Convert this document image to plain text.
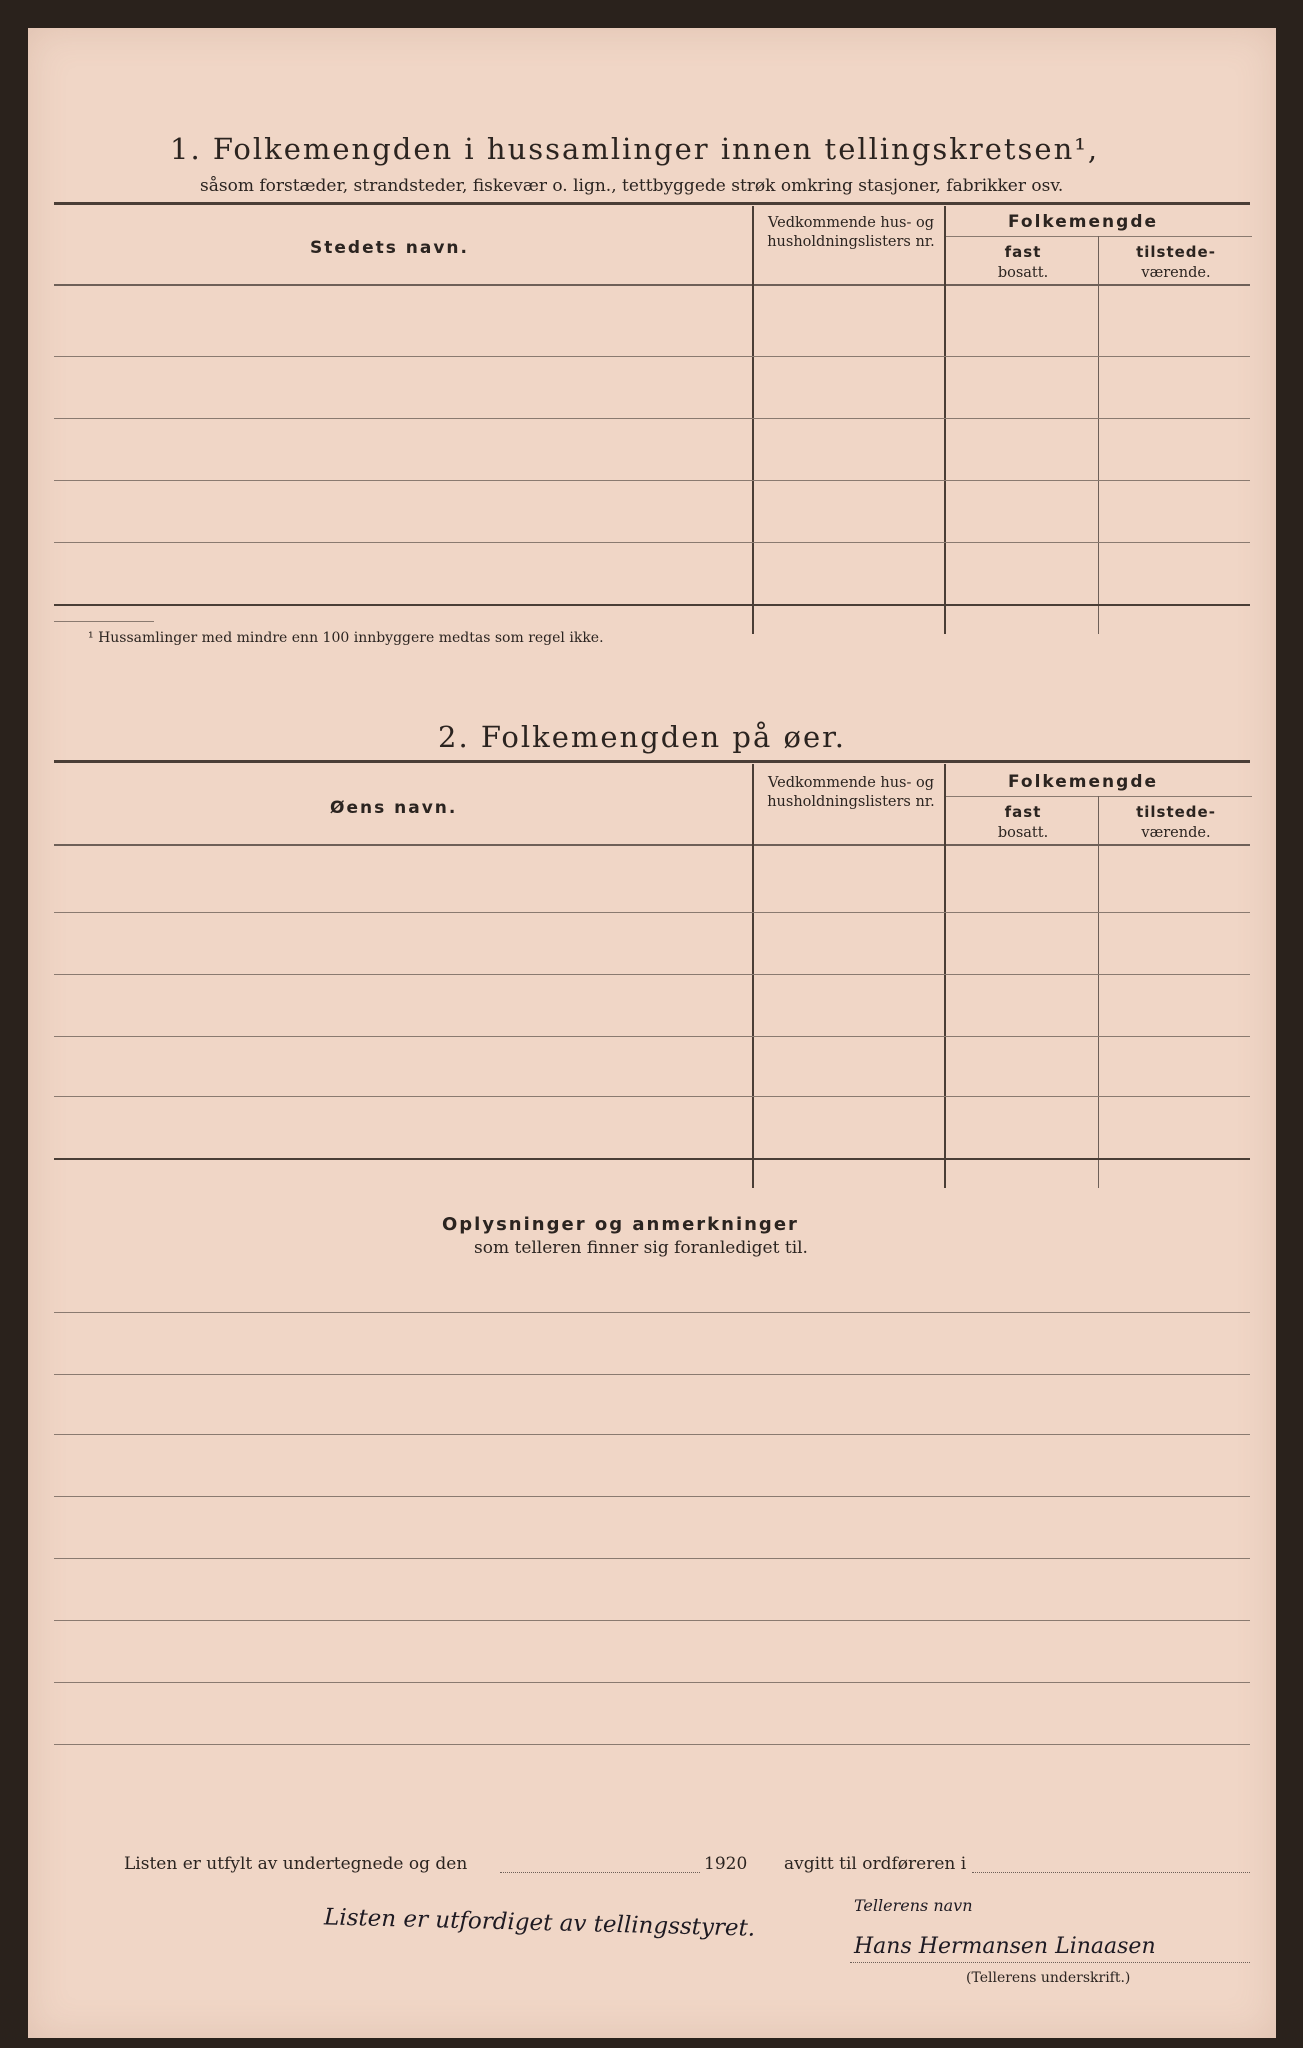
1. Folkemengden i hussamlinger innen tellingskretsen¹,
såsom forstæder, strandsteder, fiskevær o. lign., tettbyggede strøk omkring stasjoner, fabrikker osv.
Stedets navn.
Vedkommende hus- og husholdningslisters nr.
Folkemengde
fast
bosatt.
tilstede-
værende.
¹ Hussamlinger med mindre enn 100 innbyggere medtas som regel ikke.
2. Folkemengden på øer.
Øens navn.
Vedkommende hus- og husholdningslisters nr.
Folkemengde
fast
bosatt.
tilstede-
værende.
Oplysninger og anmerkninger
som telleren finner sig foranlediget til.
Listen er utfylt av undertegnede og den	1920 avgitt til ordføreren i
Listen er utfordiget av tellingsstyret.	Tellerens navn
Hans Hermansen Linaasen
(Tellerens underskrift.)
